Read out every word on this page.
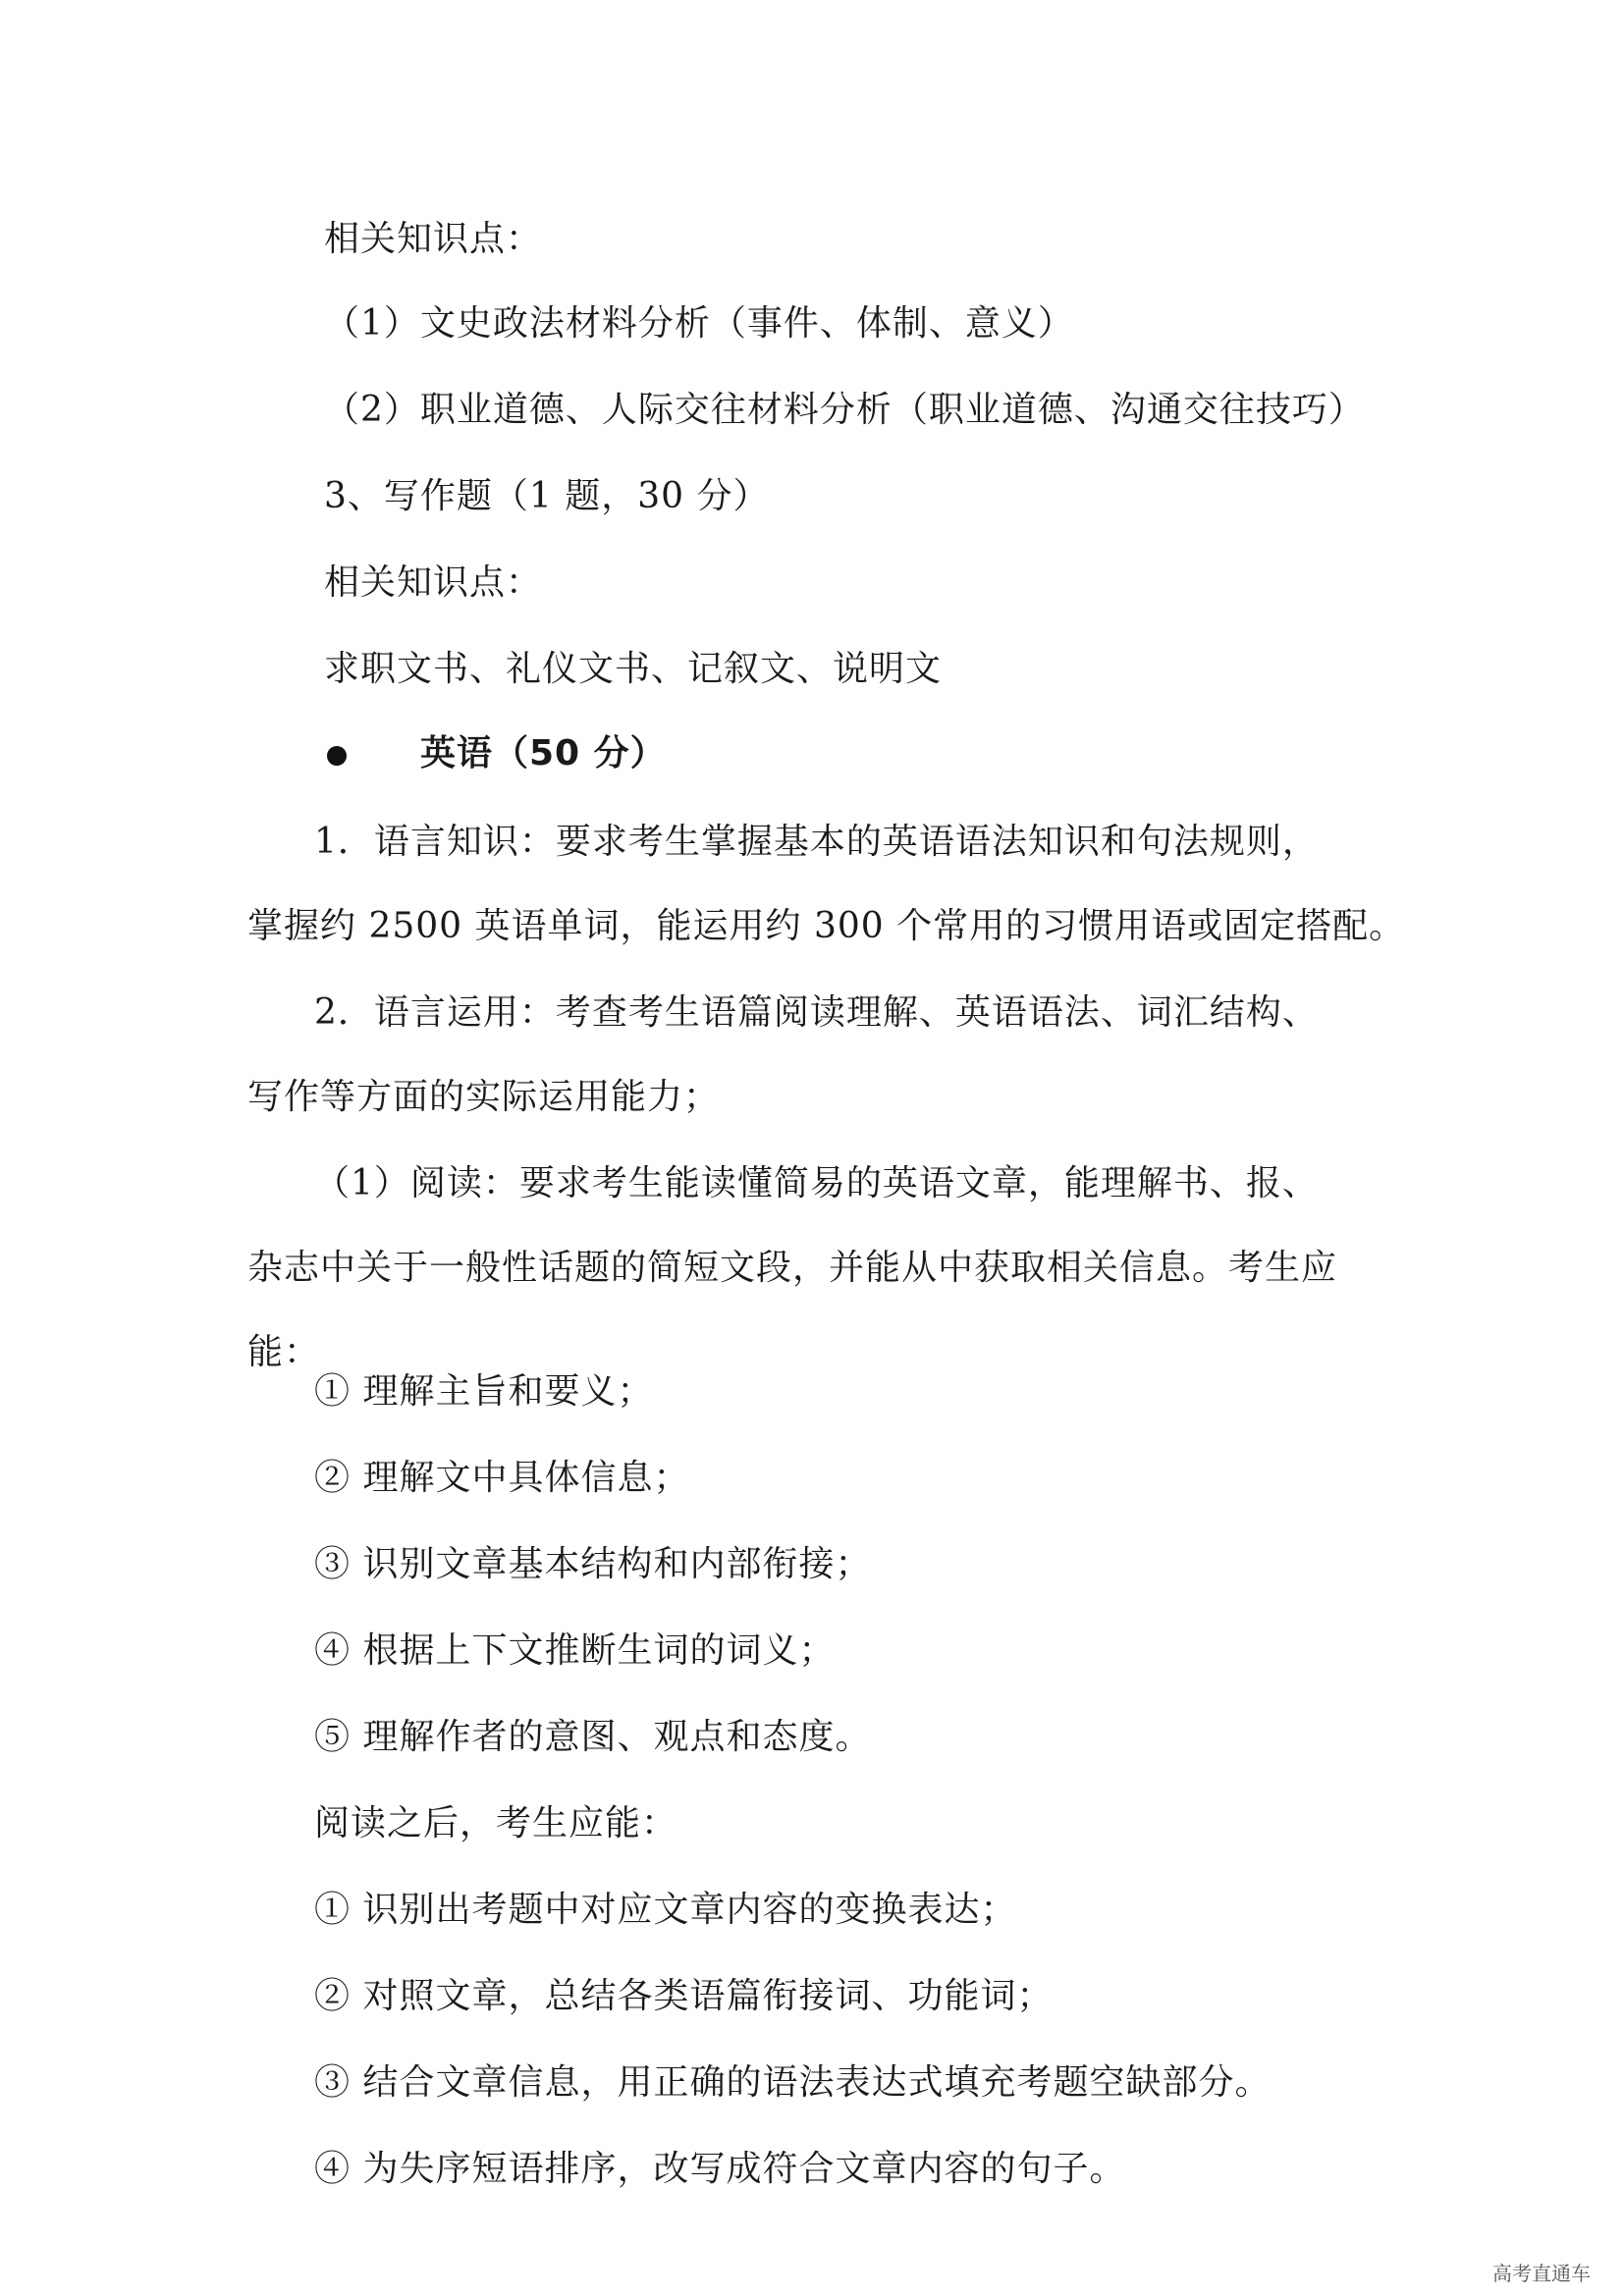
相关知识点：
（1）文史政法材料分析（事件、体制、意义）
（2）职业道德、人际交往材料分析（职业道德、沟通交往技巧）
3、写作题（1 题，30 分）
相关知识点：
求职文书、礼仪文书、记叙文、说明文
英语（50 分）
1．语言知识：要求考生掌握基本的英语语法知识和句法规则，
掌握约 2500 英语单词，能运用约 300 个常用的习惯用语或固定搭配。
2．语言运用：考查考生语篇阅读理解、英语语法、词汇结构、
写作等方面的实际运用能力；
（1）阅读：要求考生能读懂简易的英语文章，能理解书、报、
杂志中关于一般性话题的简短文段，并能从中获取相关信息。考生应
能：
① 理解主旨和要义；
② 理解文中具体信息；
③ 识别文章基本结构和内部衔接；
④ 根据上下文推断生词的词义；
⑤ 理解作者的意图、观点和态度。
阅读之后，考生应能：
① 识别出考题中对应文章内容的变换表达；
② 对照文章，总结各类语篇衔接词、功能词；
③ 结合文章信息，用正确的语法表达式填充考题空缺部分。
④ 为失序短语排序，改写成符合文章内容的句子。
高考直通车
